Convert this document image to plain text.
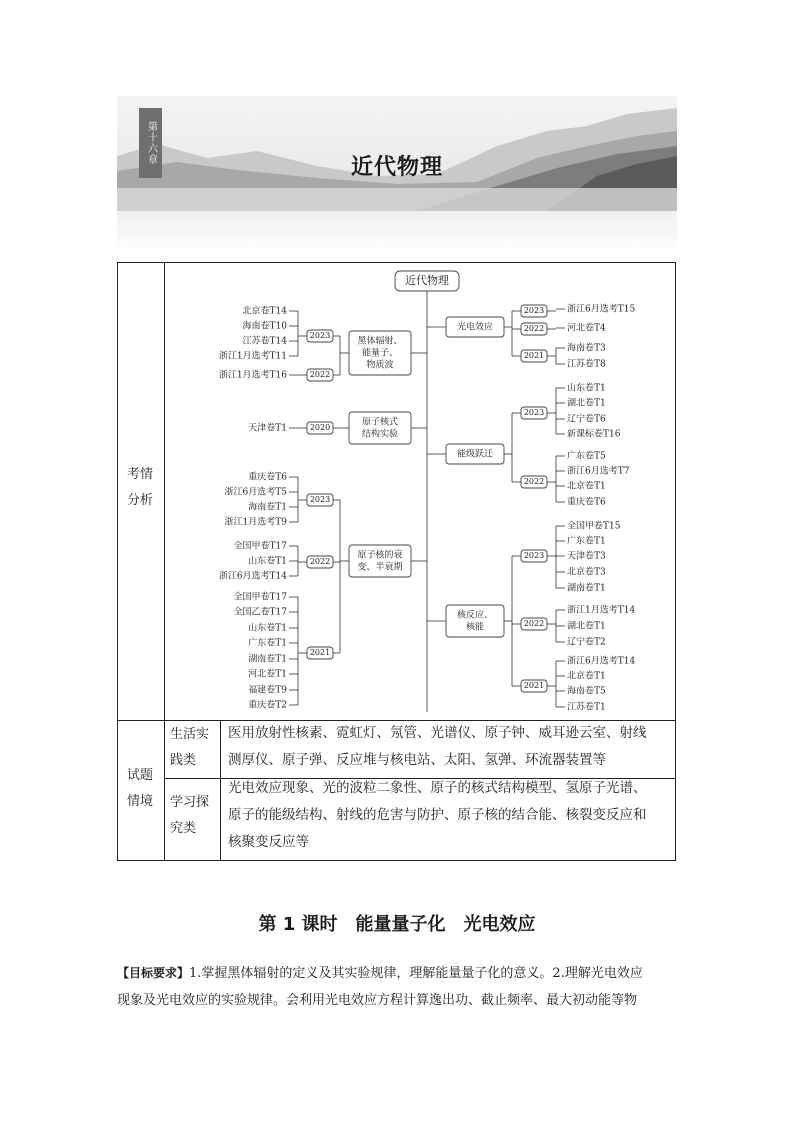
第十六章
近代物理
考情
分析
试题
情境
生活实
践类
医用放射性核素、霓虹灯、氖管、光谱仪、原子钟、威耳逊云室、射线
测厚仪、原子弹、反应堆与核电站、太阳、氢弹、环流器装置等
学习探
究类
光电效应现象、光的波粒二象性、原子的核式结构模型、氢原子光谱、
原子的能级结构、射线的危害与防护、原子核的结合能、核裂变反应和
核聚变反应等
近代物理
黑体辐射、
能量子、
物质波
2023
北京卷T14
海南卷T10
江苏卷T14
浙江1月选考T11
2022
浙江1月选考T16
原子核式
结构实验
2020
天津卷T1
原子核的衰
变、半衰期
2023
重庆卷T6
浙江6月选考T5
海南卷T1
浙江1月选考T9
2022
全国甲卷T17
山东卷T1
浙江6月选考T14
2021
全国甲卷T17
全国乙卷T17
山东卷T1
广东卷T1
湖南卷T1
河北卷T1
福建卷T9
重庆卷T2
光电效应
2023	浙江6月选考T15
2022	河北卷T4
2021
海南卷T3
江苏卷T8
能级跃迁
2023
山东卷T1
湖北卷T1
辽宁卷T6
新课标卷T16
2022
广东卷T5
浙江6月选考T7
北京卷T1
重庆卷T6
核反应、
核能
2023
全国甲卷T15
广东卷T1
天津卷T3
北京卷T3
湖南卷T1
2022
浙江1月选考T14
湖北卷T1
辽宁卷T2
2021
浙江6月选考T14
北京卷T1
海南卷T5
江苏卷T1
第 1 课时　能量量子化　光电效应
【目标要求】1.掌握黑体辐射的定义及其实验规律，理解能量量子化的意义。2.理解光电效应
现象及光电效应的实验规律。会利用光电效应方程计算逸出功、截止频率、最大初动能等物
